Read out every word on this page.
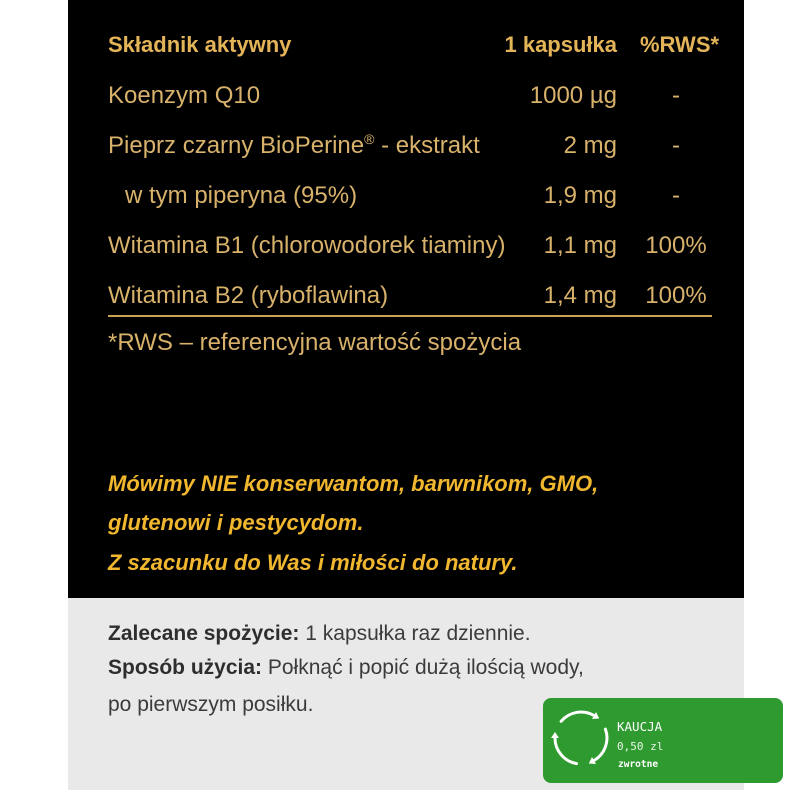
Składnik aktywny	1 kapsułka %RWS*
Koenzym Q10	1000 µg	-
Pieprz czarny BioPerine® - ekstrakt	2 mg	-
w tym piperyna (95%)	1,9 mg	-
Witamina B1 (chlorowodorek tiaminy) 1,1 mg 100%
Witamina B2 (ryboflawina)	1,4 mg 100%
*RWS – referencyjna wartość spożycia
Mówimy NIE konserwantom, barwnikom, GMO,
glutenowi i pestycydom.
Z szacunku do Was i miłości do natury.
Zalecane spożycie: 1 kapsułka raz dziennie.
Sposób użycia: Połknąć i popić dużą ilością wody,
po pierwszym posiłku.
KAUCJA
0,50 zl
zwrotne
